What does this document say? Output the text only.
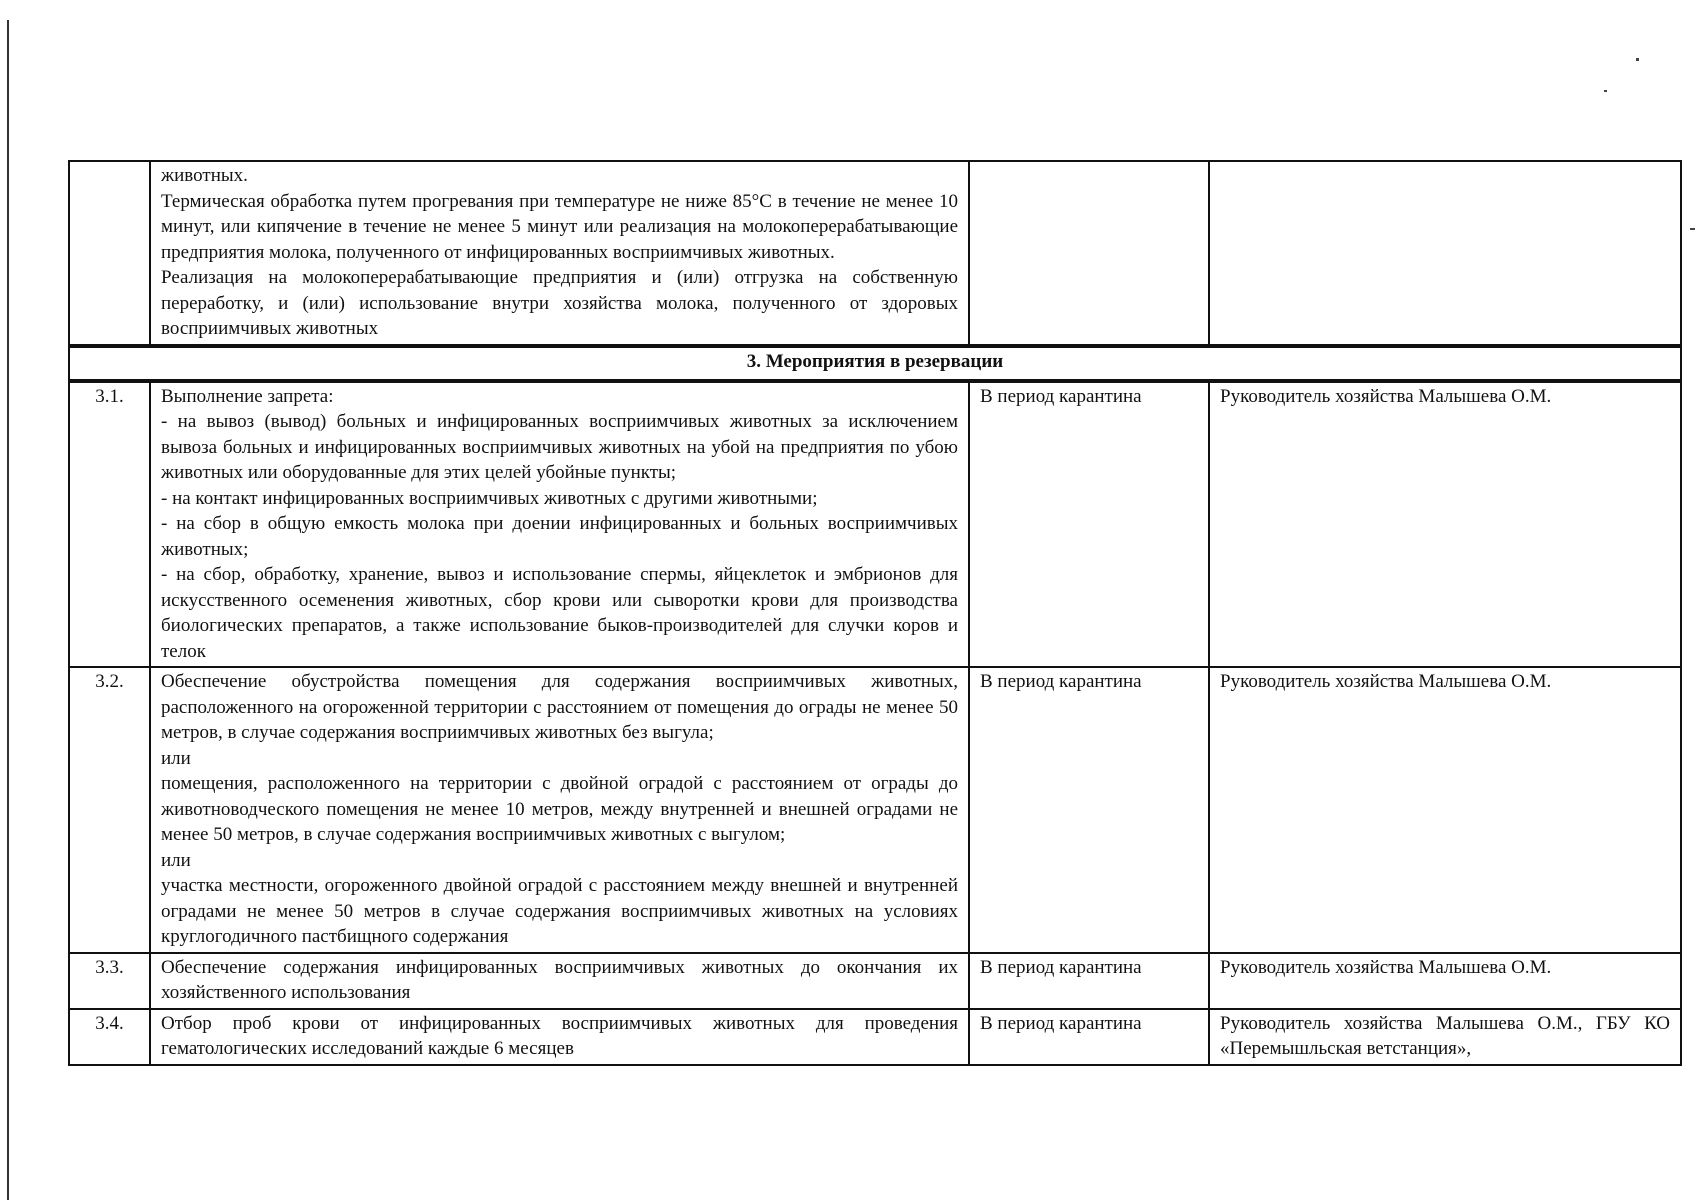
	животных.

Термическая обработка путем прогревания при температуре не ниже 85°С в течение не менее 10 минут, или кипячение в течение не менее 5 минут или реализация на молокоперерабатывающие предприятия молока, полученного от инфицированных восприимчивых животных.

Реализация на молокоперерабатывающие предприятия и (или) отгрузка на собственную переработку, и (или) использование внутри хозяйства молока, полученного от здоровых восприимчивых животных		

3. Мероприятия в резервации			
3.1.	Выполнение запрета:

- на вывоз (вывод) больных и инфицированных восприимчивых животных за исключением вывоза больных и инфицированных восприимчивых животных на убой на предприятия по убою животных или оборудованные для этих целей убойные пункты;

- на контакт инфицированных восприимчивых животных с другими животными;

- на сбор в общую емкость молока при доении инфицированных и больных восприимчивых животных;

- на сбор, обработку, хранение, вывоз и использование спермы, яйцеклеток и эмбрионов для искусственного осеменения животных, сбор крови или сыворотки крови для производства биологических препаратов, а также использование быков-производителей для случки коров и телок	В период карантина	Руководитель хозяйства Малышева О.М.
3.2.	Обеспечение обустройства помещения для содержания восприимчивых животных, расположенного на огороженной территории с расстоянием от помещения до ограды не менее 50 метров, в случае содержания восприимчивых животных без выгула;

или

помещения, расположенного на территории с двойной оградой с расстоянием от ограды до животноводческого помещения не менее 10 метров, между внутренней и внешней оградами не менее 50 метров, в случае содержания восприимчивых животных с выгулом;

или

участка местности, огороженного двойной оградой с расстоянием между внешней и внутренней оградами не менее 50 метров в случае содержания восприимчивых животных на условиях круглогодичного пастбищного содержания	В период карантина	Руководитель хозяйства Малышева О.М.
3.3.	Обеспечение содержания инфицированных восприимчивых животных до окончания их хозяйственного использования	В период карантина	Руководитель хозяйства Малышева О.М.
3.4.	Отбор проб крови от инфицированных восприимчивых животных для проведения гематологических исследований каждые 6 месяцев	В период карантина	Руководитель хозяйства Малышева О.М., ГБУ КО «Перемышльская ветстанция»,
